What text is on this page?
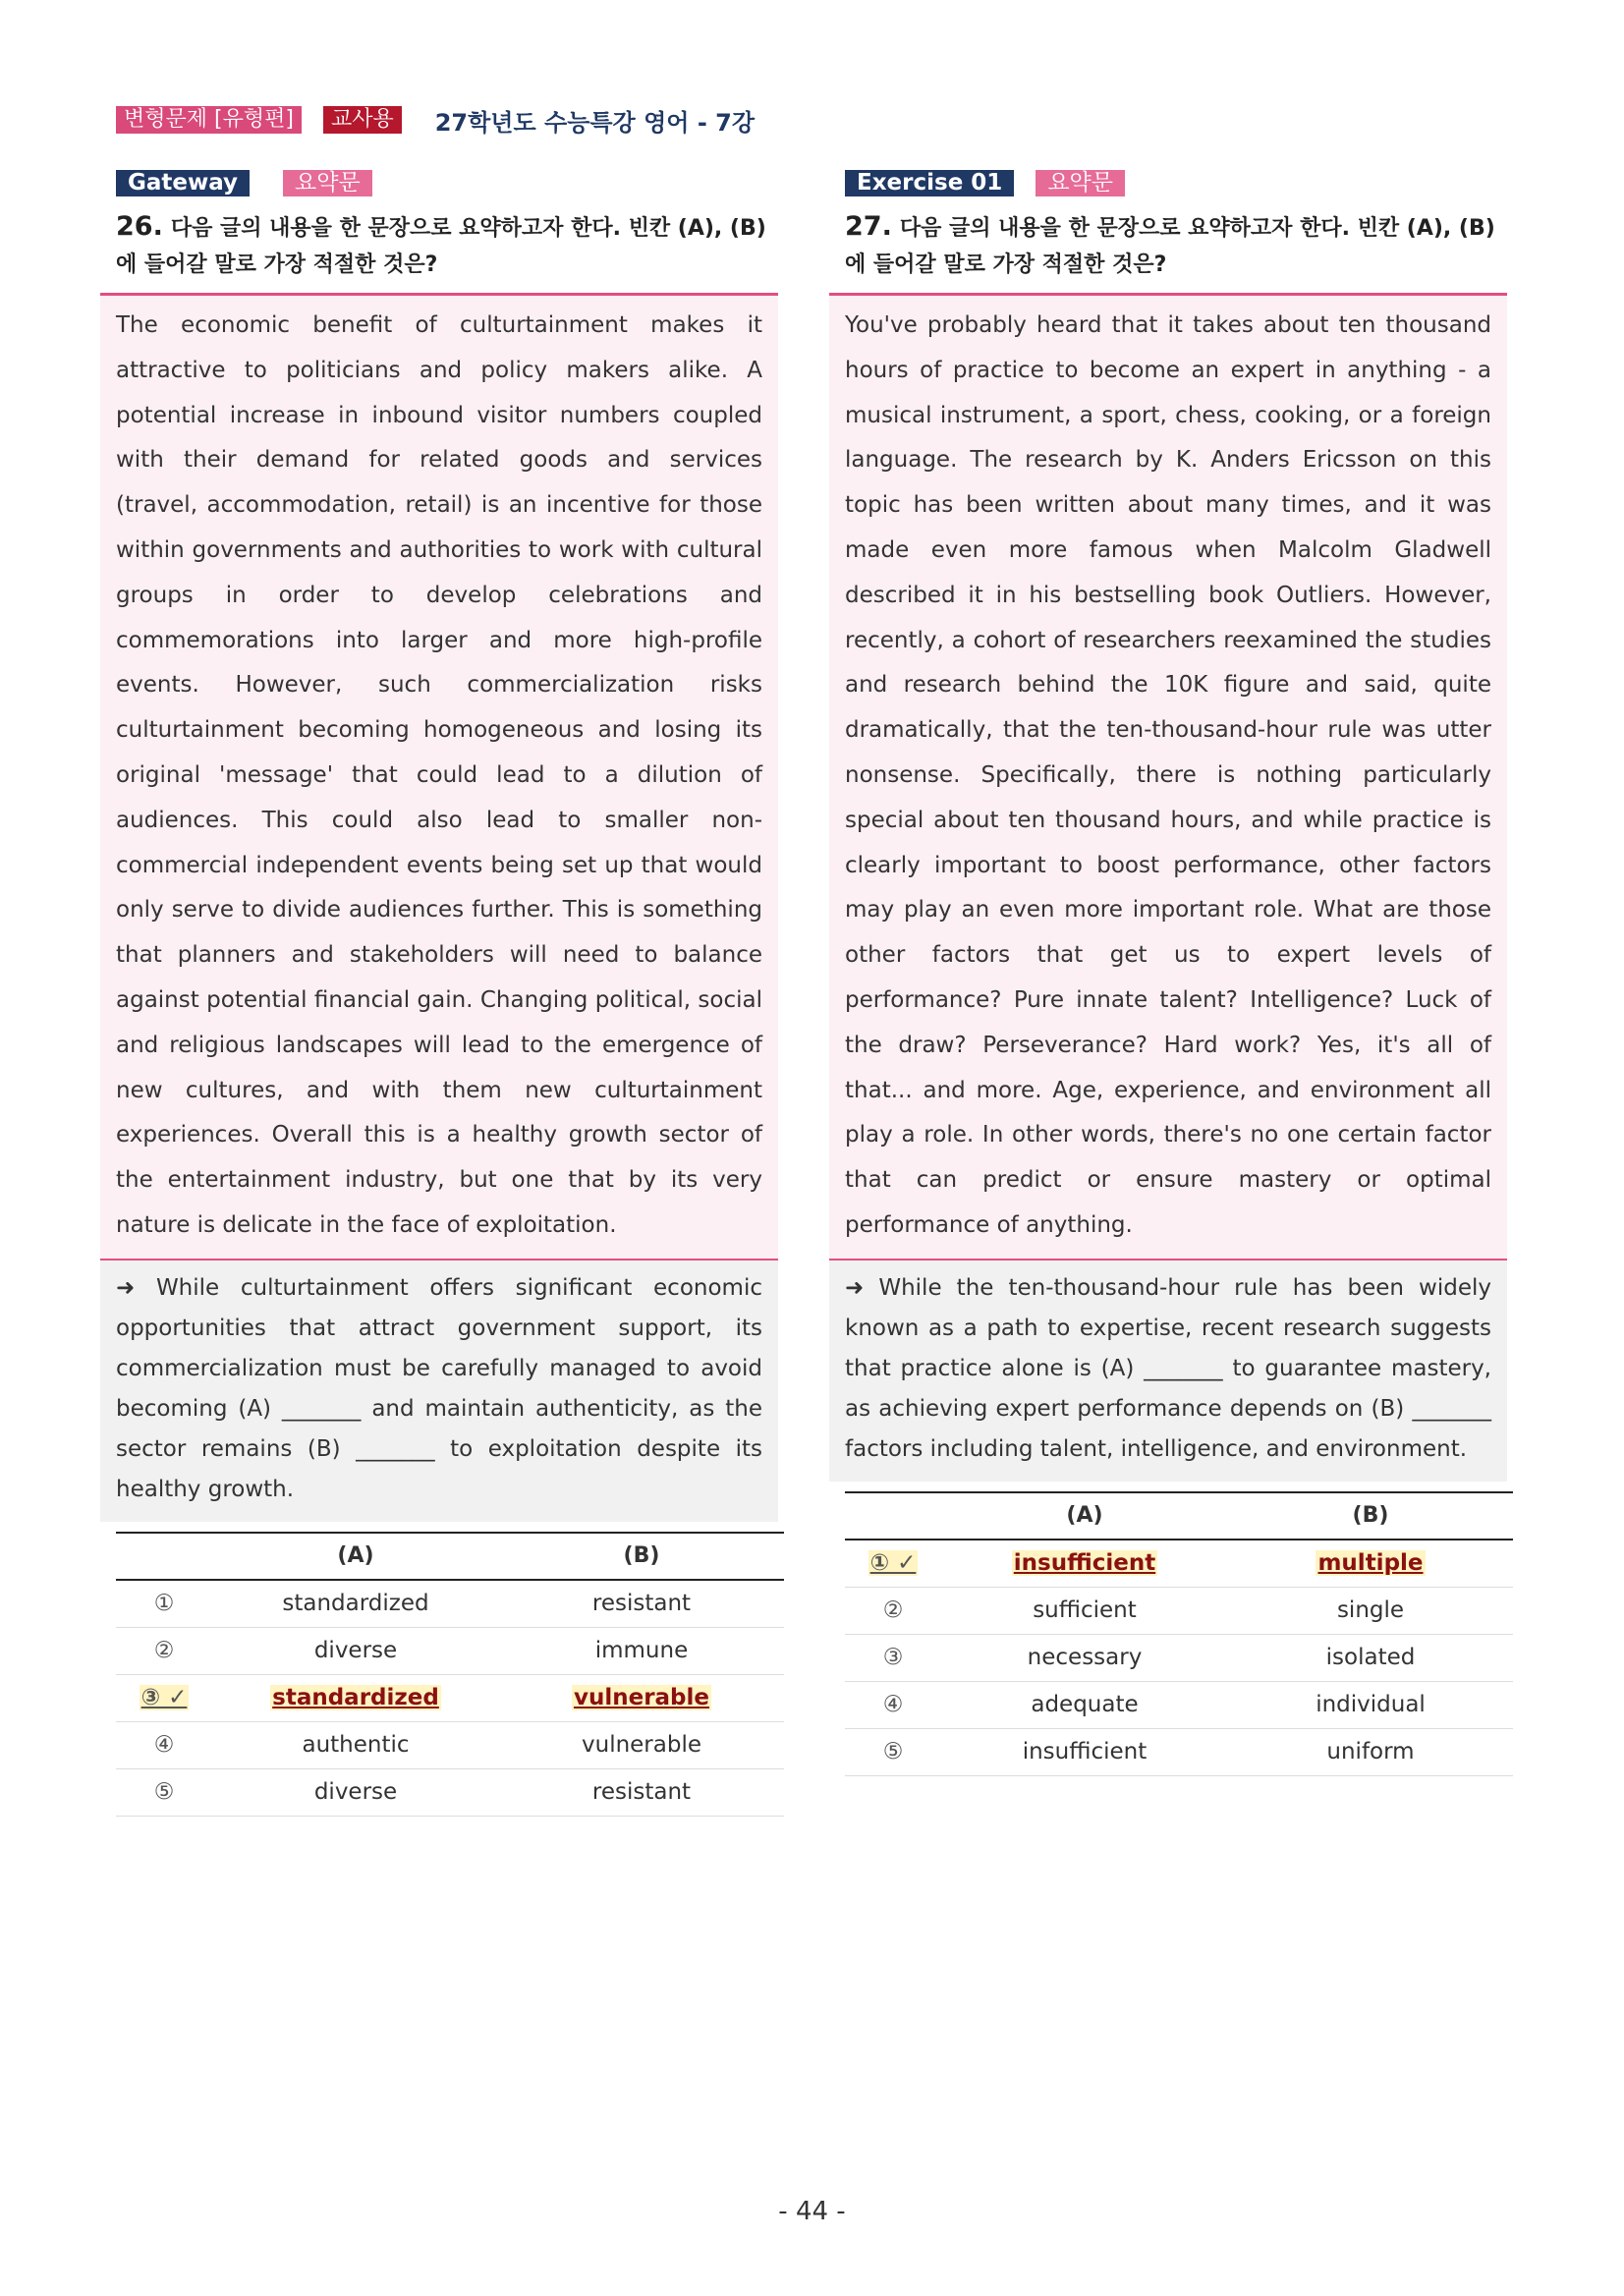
변형문제 [유형편]	교사용	27학년도 수능특강 영어 - 7강
Gateway	요약문
26. 다음 글의 내용을 한 문장으로 요약하고자 한다. 빈칸 (A), (B)에 들어갈 말로 가장 적절한 것은?
The economic benefit of culturtainment makes it attractive to politicians and policy makers alike. A potential increase in inbound visitor numbers coupled with their demand for related goods and services (travel, accommodation, retail) is an incentive for those within governments and authorities to work with cultural groups in order to develop celebrations and commemorations into larger and more high-profile events. However, such commercialization risks culturtainment becoming homogeneous and losing its original 'message' that could lead to a dilution of audiences. This could also lead to smaller non-commercial independent events being set up that would only serve to divide audiences further. This is something that planners and stakeholders will need to balance against potential financial gain. Changing political, social and religious landscapes will lead to the emergence of new cultures, and with them new culturtainment experiences. Overall this is a healthy growth sector of the entertainment industry, but one that by its very nature is delicate in the face of exploitation.
➜ While culturtainment offers significant economic opportunities that attract government support, its commercialization must be carefully managed to avoid becoming (A) _______ and maintain authenticity, as the sector remains (B) _______ to exploitation despite its healthy growth.
	(A)	(B)
①	standardized	resistant
②	diverse	immune
③ ✓	standardized	vulnerable
④	authentic	vulnerable
⑤	diverse	resistant
Exercise 01	요약문
27. 다음 글의 내용을 한 문장으로 요약하고자 한다. 빈칸 (A), (B)에 들어갈 말로 가장 적절한 것은?
You've probably heard that it takes about ten thousand hours of practice to become an expert in anything - a musical instrument, a sport, chess, cooking, or a foreign language. The research by K. Anders Ericsson on this topic has been written about many times, and it was made even more famous when Malcolm Gladwell described it in his bestselling book Outliers. However, recently, a cohort of researchers reexamined the studies and research behind the 10K figure and said, quite dramatically, that the ten-thousand-hour rule was utter nonsense. Specifically, there is nothing particularly special about ten thousand hours, and while practice is clearly important to boost performance, other factors may play an even more important role. What are those other factors that get us to expert levels of performance? Pure innate talent? Intelligence? Luck of the draw? Perseverance? Hard work? Yes, it's all of that... and more. Age, experience, and environment all play a role. In other words, there's no one certain factor that can predict or ensure mastery or optimal performance of anything.
➜ While the ten-thousand-hour rule has been widely known as a path to expertise, recent research suggests that practice alone is (A) _______ to guarantee mastery, as achieving expert performance depends on (B) _______ factors including talent, intelligence, and environment.
	(A)	(B)
① ✓	insufficient	multiple
②	sufficient	single
③	necessary	isolated
④	adequate	individual
⑤	insufficient	uniform
- 44 -
